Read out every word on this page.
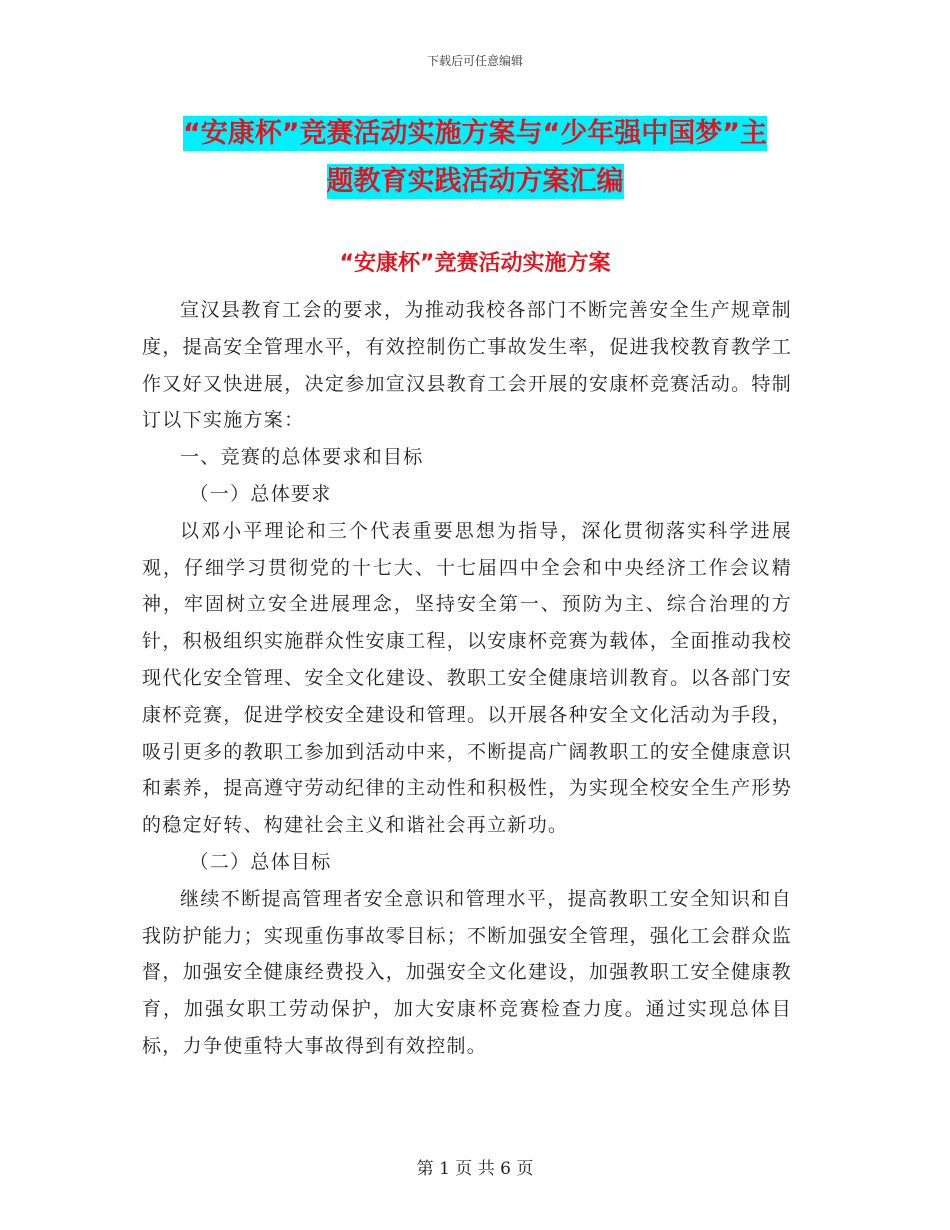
下载后可任意编辑
“安康杯”竞赛活动实施方案与“少年强中国梦”主
题教育实践活动方案汇编
“安康杯”竞赛活动实施方案

宣汉县教育工会的要求，为推动我校各部门不断完善安全生产规章制度，提高安全管理水平，有效控制伤亡事故发生率，促进我校教育教学工作又好又快进展，决定参加宣汉县教育工会开展的安康杯竞赛活动。特制订以下实施方案：

一、竞赛的总体要求和目标

（一）总体要求

以邓小平理论和三个代表重要思想为指导，深化贯彻落实科学进展观，仔细学习贯彻党的十七大、十七届四中全会和中央经济工作会议精神，牢固树立安全进展理念，坚持安全第一、预防为主、综合治理的方针，积极组织实施群众性安康工程，以安康杯竞赛为载体，全面推动我校现代化安全管理、安全文化建设、教职工安全健康培训教育。以各部门安康杯竞赛，促进学校安全建设和管理。以开展各种安全文化活动为手段，吸引更多的教职工参加到活动中来，不断提高广阔教职工的安全健康意识和素养，提高遵守劳动纪律的主动性和积极性，为实现全校安全生产形势的稳定好转、构建社会主义和谐社会再立新功。

（二）总体目标

继续不断提高管理者安全意识和管理水平，提高教职工安全知识和自我防护能力；实现重伤事故零目标；不断加强安全管理，强化工会群众监督，加强安全健康经费投入，加强安全文化建设，加强教职工安全健康教育，加强女职工劳动保护，加大安康杯竞赛检查力度。通过实现总体目标，力争使重特大事故得到有效控制。

第 1 页 共 6 页
